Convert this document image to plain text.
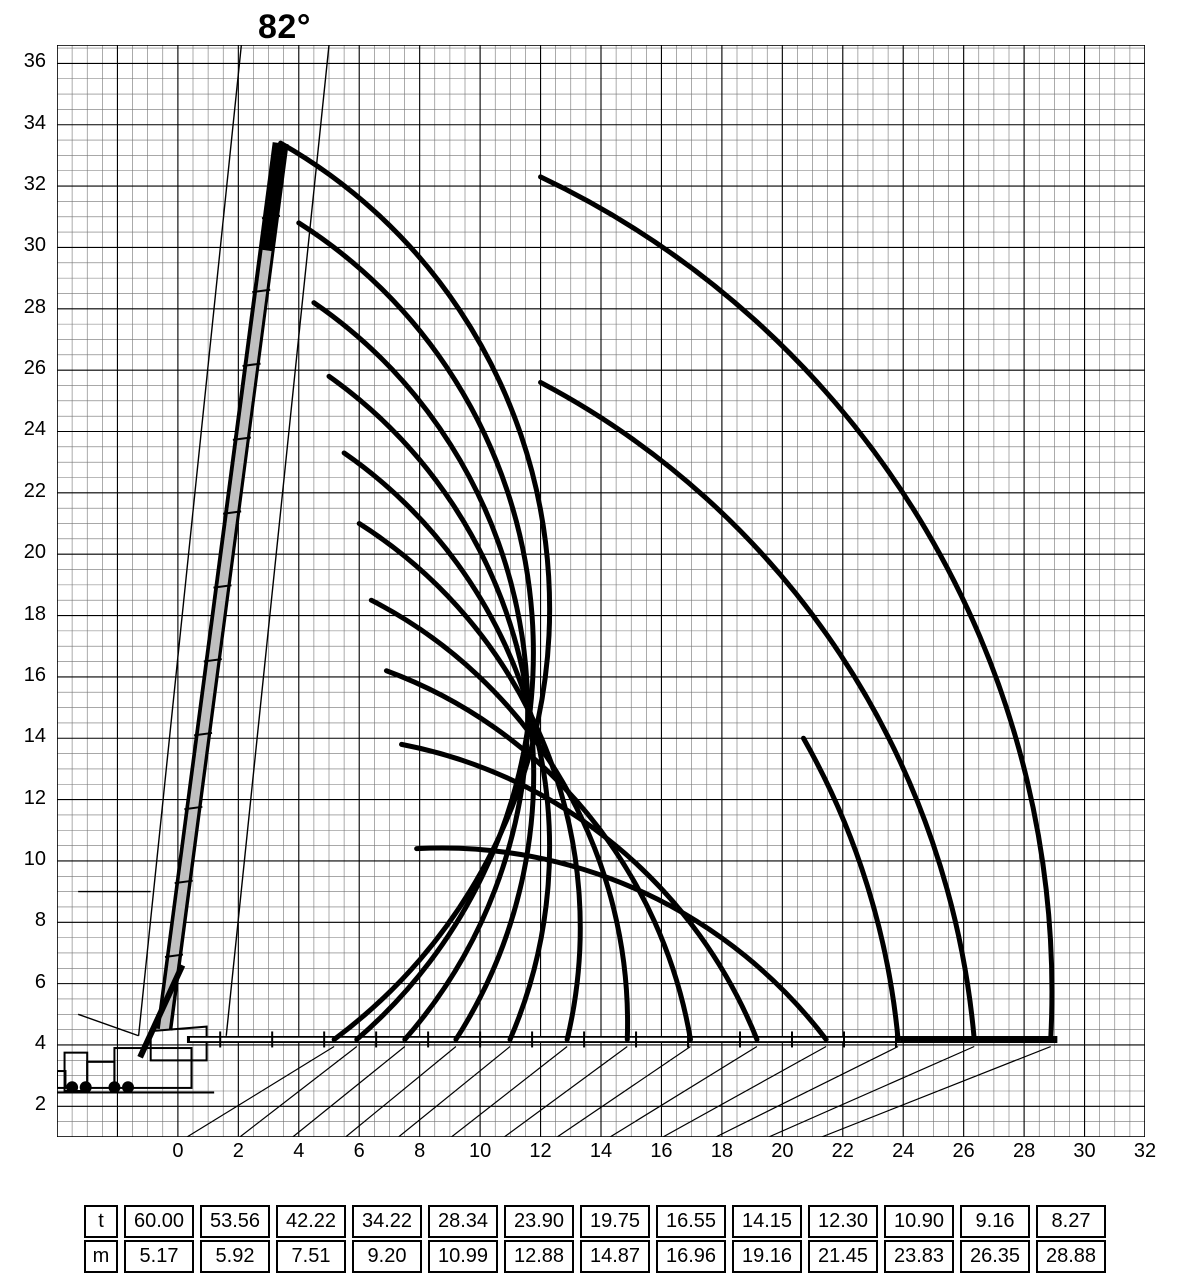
82°
36
34
32
30
28
26
24
22
20
18
16
14
12
10
8
6
4
2
0	2	4	6	8	10	12	14	16	18	20	22	24	26	28	30	32
t	60.00	53.56	42.22	34.22	28.34	23.90	19.75	16.55	14.15	12.30	10.90	9.16	8.27
m	5.17	5.92	7.51	9.20	10.99	12.88	14.87	16.96	19.16	21.45	23.83	26.35	28.88
